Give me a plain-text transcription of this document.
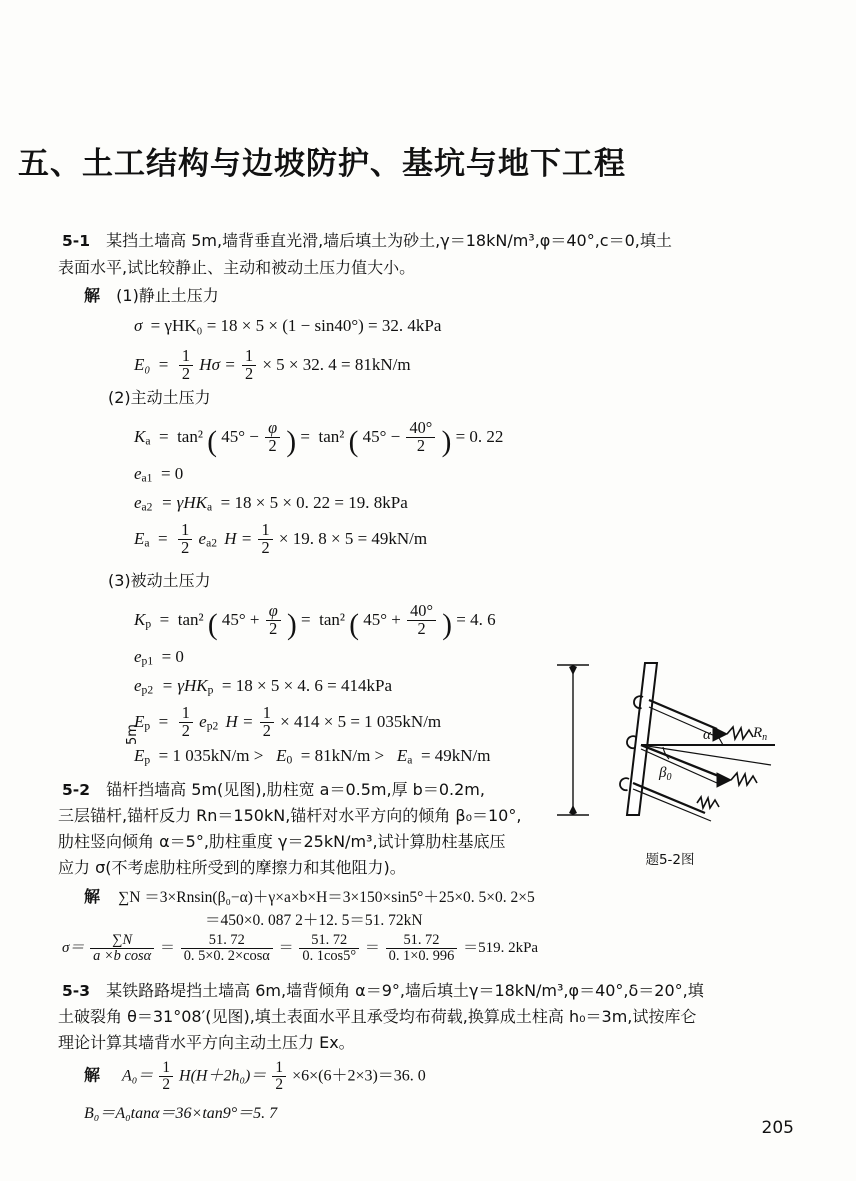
五、土工结构与边坡防护、基坑与地下工程
5-1 某挡土墙高 5m,墙背垂直光滑,墙后填土为砂土,γ＝18kN/m³,φ＝40°,c＝0,填土
表面水平,试比较静止、主动和被动土压力值大小。
解 (1)静止土压力
σ = γHK₀ = 18 × 5 × (1 − sin40°) = 32. 4kPa
$E_0 = \frac{1}{2}$ $H\sigma = \frac{1}{2} \times 5 \times 32$. 4 = 81kN/m
(2)主动土压力
$K_a = \tan^2$ ( $45^\circ - \frac{\varphi}{2}$ ) =  tan² ( $45^\circ - \frac{40^\circ}{2}$ ) = 0. 22
$e_{a1} = 0$
$e_{a2} = \gamma HK_a = 18 \times 5 \times 0$. 22 = 19. 8kPa
$E_a = \frac{1}{2} e_{a2}$ $H = \frac{1}{2} \times 19$. 8 × 5 = 49kN/m
(3)被动土压力
$K_p = \tan^2$ ( $45^\circ + \frac{\varphi}{2}$ ) =  tan² ( $45^\circ + \frac{40^\circ}{2}$ ) = 4. 6
$e_{p1} = 0$
$e_{p2} = \gamma HK_p = 18 \times 5 \times 4$. 6 = 414kPa
$E_p = \frac{1}{2} e_{p2}$ $H = \frac{1}{2} \times 414 \times 5 = 1$ 035kN/m
$E_p = 1$ $035kN/m > E_0 = 81kN/m > E_a = 49kN/m$
5-2 锚杆挡墙高 5m(见图),肋柱宽 a＝0.5m,厚 b＝0.2m,
三层锚杆,锚杆反力 Rn＝150kN,锚杆对水平方向的倾角 β₀＝10°,
肋柱竖向倾角 α＝5°,肋柱重度 γ＝25kN/m³,试计算肋柱基底压
应力 σ(不考虑肋柱所受到的摩擦力和其他阻力)。
解 ∑N ＝3×Rnsin(β₀−α)＋γ×a×b×H＝3×150×sin5°＋25×0. 5×0. 2×5
＝450×0. 087 2＋12. 5＝51. 72kN
$\sigma= \frac{\sum N}{\text{a ×b cosα}} = \frac{51. 72}{0. 5\times 0. 2\times\cos\alpha} = \frac{51. 72}{0. 1\cos 5^\circ} = \frac{51. 72}{0. 1\times 0. 996} =519$. 2kPa
5-3 某铁路路堤挡土墙高 6m,墙背倾角 α＝9°,墙后填土γ＝18kN/m³,φ＝40°,δ＝20°,填
土破裂角 θ＝31°08′(见图),填土表面水平且承受均布荷载,换算成土柱高 h₀＝3m,试按库仑
理论计算其墙背水平方向主动土压力 Ex。
解 $A_0= \frac{1}{2} H(H+2h_0)= \frac{1}{2} \times 6\times(6+2\times 3)=36$. 0
B₀＝A₀tanα＝36×tan9°＝5. 7
5m	$R_n$
α
$\beta_0$
题5-2图
205
